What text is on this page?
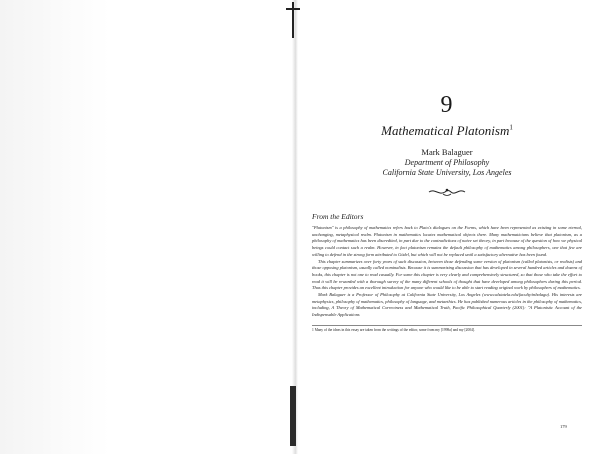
9
Mathematical Platonism$^1$
Mark Balaguer
Department of Philosophy
California State University, Los Angeles
From the Editors

"Platonism" is a philosophy of mathematics refers back to Plato's dialogues on the Forms, which have been represented as existing in some eternal, unchanging, metaphysical realm. Platonism in mathematics locates mathematical objects there. Many mathematicians believe that platonism, as a philosophy of mathematics has been discredited, in part due to the contradictions of naive set theory, in part because of the question of how we physical beings could contact such a realm. However, in fact platonism remains the default philosophy of mathematics among philosophers, one that few are willing to defend in the strong form attributed to Gödel, but which will not be replaced until a satisfactory alternative has been found.

This chapter summarizes over forty years of such discussion, between those defending some version of platonism (called platonists, or realists) and those opposing platonism, usually called nominalists. Because it is summarizing discussion that has developed in several hundred articles and dozens of books, this chapter is not one to read casually. For some this chapter is very clearly and comprehensively structured, so that those who take the effort to read it will be rewarded with a thorough survey of the many different schools of thought that have developed among philosophers during this period. Thus this chapter provides an excellent introduction for anyone who would like to be able to start reading original work by philosophers of mathematics.

Mark Balaguer is a Professor of Philosophy at California State University, Los Angeles (www.calstatela.edu/faculty/mbalagu). His interests are metaphysics, philosophy of mathematics, philosophy of language, and metaethics. He has published numerous articles in the philosophy of mathematics, including, A Theory of Mathematical Correctness and Mathematical Truth, Pacific Philosophical Quarterly (2001): "A Platonistic Account of the Indispensable Applications

1 Many of the ideas in this essay are taken from the writings of the editor, some from my [1998a] and my [2004].
179
